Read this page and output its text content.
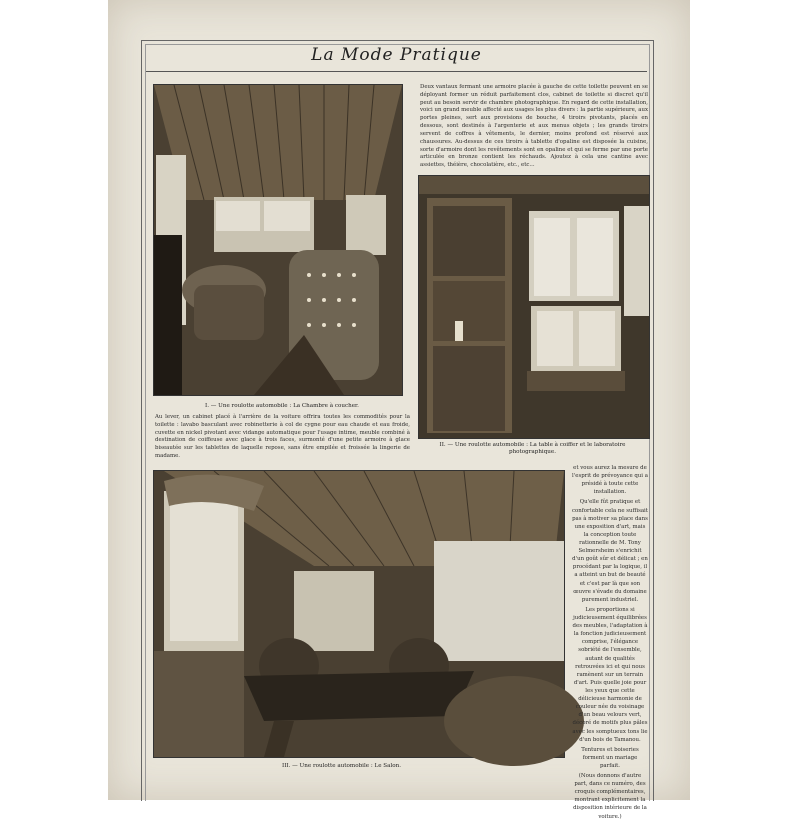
La Mode Pratique
I. — Une roulotte automobile : La Chambre à coucher.
II. — Une roulotte automobile : La table à coiffer et le laboratoire photographique.
III. — Une roulotte automobile : Le Salon.

Deux vantaux fermant une armoire placée à gauche de cette toilette peuvent en se déployant former un réduit parfaitement clos, cabinet de toilette si discret qu'il peut au besoin servir de chambre photographique. En regard de cette installation, voici un grand meuble affecté aux usages les plus divers : la partie supérieure, aux portes pleines, sert aux provisions de bouche, 4 tiroirs pivotants, placés en dessous, sont destinés à l'argenterie et aux menus objets ; les grands tiroirs servent de coffres à vêtements, le dernier, moins profond est réservé aux chaussures. Au-dessus de ces tiroirs à tablette d'opaline est disposée la cuisine, sorte d'armoire dont les revêtements sont en opaline et qui se ferme par une porte articulée en bronze contient les réchauds. Ajoutez à cela une cantine avec assiettes, théière, chocolatière, etc., etc...

Au lever, un cabinet placé à l'arrière de la voiture offrira toutes les commodités pour la toilette : lavabo basculant avec robinetterie à col de cygne pour eau chaude et eau froide, cuvette en nickel pivotant avec vidange automatique pour l'usage intime, meuble combiné à destination de coiffeuse avec glace à trois faces, surmonté d'une petite armoire à glace biseautée sur les tablettes de laquelle repose, sans être empilée et froissée la lingerie de madame.

et vous aurez la mesure de l'esprit de prévoyance qui a présidé à toute cette installation.

Qu'elle fût pratique et confortable cela ne suffisait pas à motiver sa place dans une exposition d'art, mais la conception toute rationnelle de M. Tony Selmersheim s'enrichit d'un goût sûr et délicat ; en procédant par la logique, il a atteint un but de beauté et c'est par là que son œuvre s'évade du domaine purement industriel.

Les proportions si judicieusement équilibrées des meubles, l'adaptation à la fonction judicieusement comprise, l'élégance sobriété de l'ensemble, autant de qualités retrouvées ici et qui nous ramènent sur un terrain d'art. Puis quelle joie pour les yeux que cette délicieuse harmonie de couleur née du voisinage d'un beau velours vert, décoré de motifs plus pâles avec les somptueux tons lie d'un bois de Tamanou.

Tentures et boiseries forment un mariage parfait.

(Nous donnons d'autre part, dans ce numéro, des croquis complémentaires, montrant explicitement la disposition intérieure de la voiture.)
